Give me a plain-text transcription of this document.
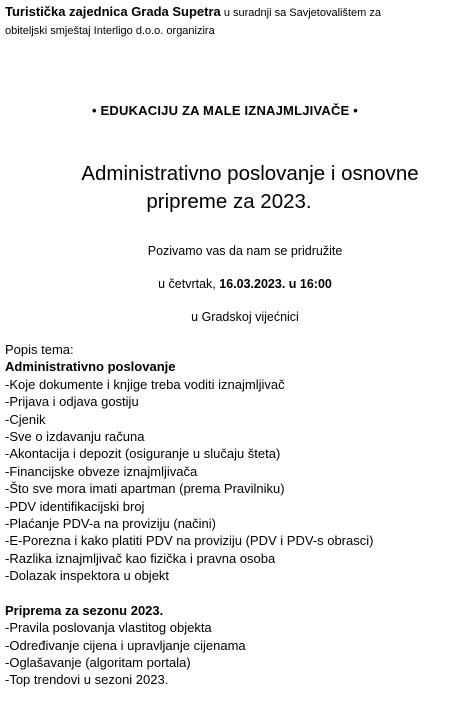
Turistička zajednica Grada Supetra u suradnji sa Savjetovalištem za
obiteljski smještaj Interligo d.o.o. organizira
• EDUKACIJU ZA MALE IZNAJMLJIVAČE •
Administrativno poslovanje i osnovne
pripreme za 2023.
Pozivamo vas da nam se pridružite
u četvrtak, 16.03.2023. u 16:00
u Gradskoj vijećnici
Popis tema:
Administrativno poslovanje
-Koje dokumente i knjige treba voditi iznajmljivač
-Prijava i odjava gostiju
-Cjenik
-Sve o izdavanju računa
-Akontacija i depozit (osiguranje u slučaju šteta)
-Financijske obveze iznajmljivača
-Što sve mora imati apartman (prema Pravilniku)
-PDV identifikacijski broj
-Plaćanje PDV-a na proviziju (načini)
-E-Porezna i kako platiti PDV na proviziju (PDV i PDV-s obrasci)
-Razlika iznajmljivač kao fizička i pravna osoba
-Dolazak inspektora u objekt
Priprema za sezonu 2023.
-Pravila poslovanja vlastitog objekta
-Određivanje cijena i upravljanje cijenama
-Oglašavanje (algoritam portala)
-Top trendovi u sezoni 2023.
